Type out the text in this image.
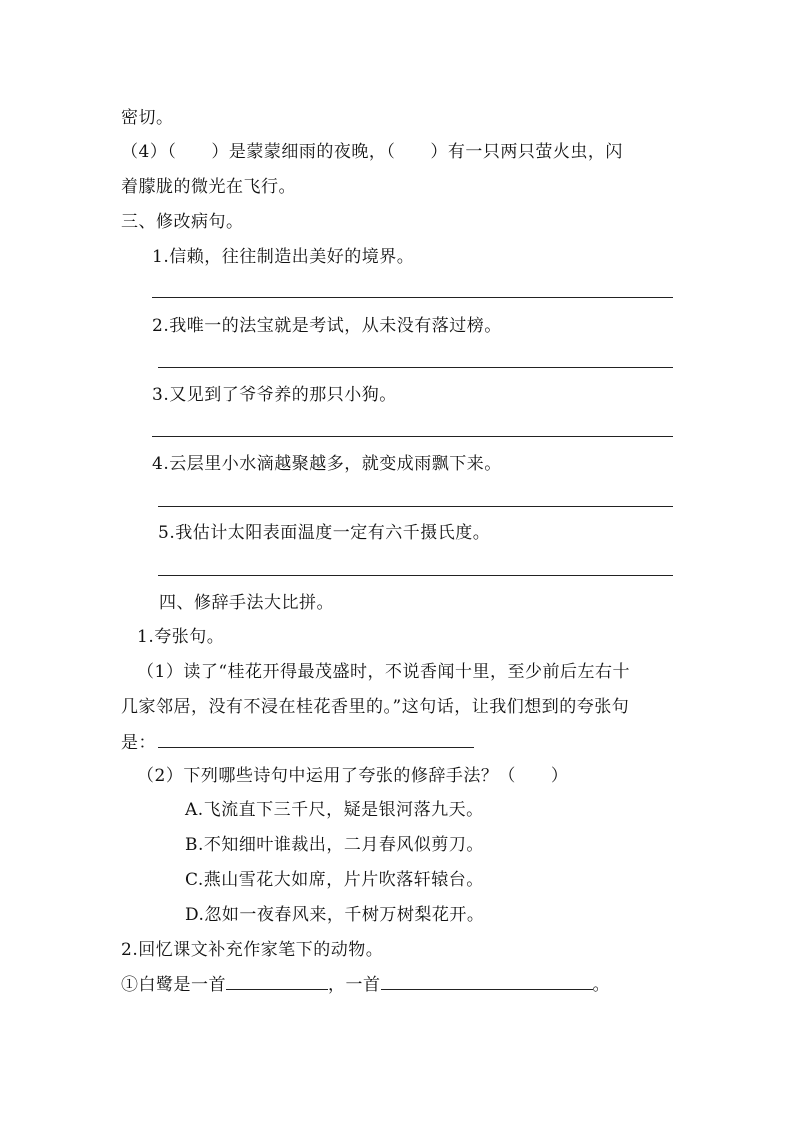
密切。
（4）（　　）是蒙蒙细雨的夜晚，（　　）有一只两只萤火虫，闪
着朦胧的微光在飞行。
三、修改病句。
1.信赖，往往制造出美好的境界。
2.我唯一的法宝就是考试，从未没有落过榜。
3.又见到了爷爷养的那只小狗。
4.云层里小水滴越聚越多，就变成雨飘下来。
5.我估计太阳表面温度一定有六千摄氏度。
四、修辞手法大比拼。
1.夸张句。
（1）读了“桂花开得最茂盛时，不说香闻十里，至少前后左右十
几家邻居，没有不浸在桂花香里的。”这句话，让我们想到的夸张句
是：
（2）下列哪些诗句中运用了夸张的修辞手法？（　　）
A.飞流直下三千尺，疑是银河落九天。
B.不知细叶谁裁出，二月春风似剪刀。
C.燕山雪花大如席，片片吹落轩辕台。
D.忽如一夜春风来，千树万树梨花开。
2.回忆课文补充作家笔下的动物。
①白鹭是一首	，一首	。
